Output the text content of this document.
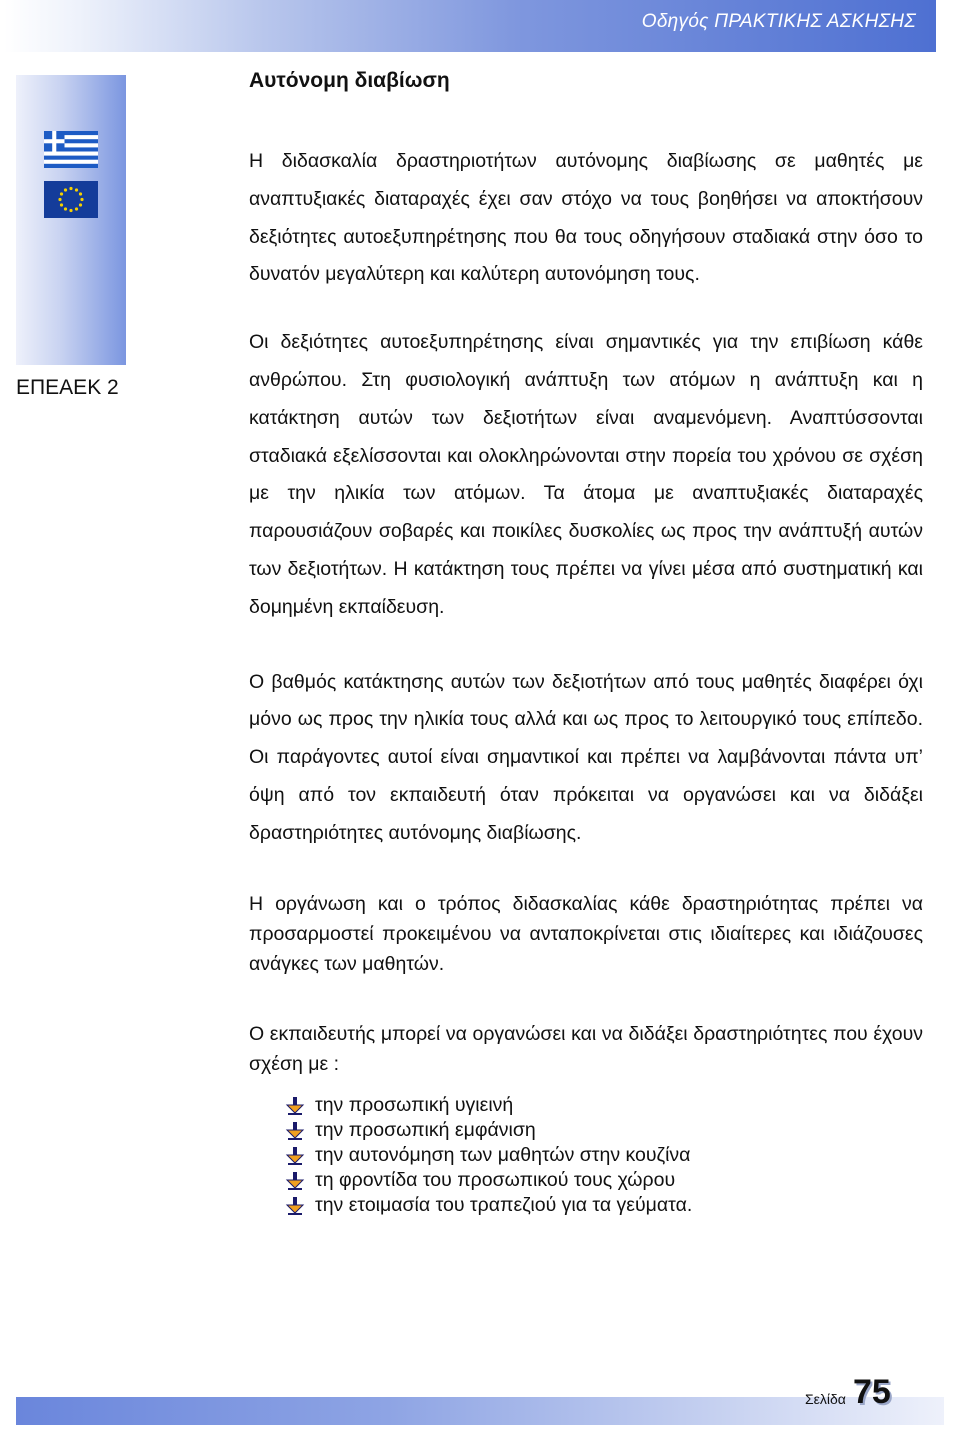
Οδηγός ΠΡΑΚΤΙΚΗΣ ΑΣΚΗΣΗΣ
ΕΠΕΑΕΚ 2
Αυτόνομη διαβίωση

Η διδασκαλία δραστηριοτήτων αυτόνομης διαβίωσης σε μαθητές με αναπτυξιακές διαταραχές έχει σαν στόχο να τους βοηθήσει να αποκτήσουν δεξιότητες αυτοεξυπηρέτησης που θα τους οδηγήσουν σταδιακά στην όσο το δυνατόν μεγαλύτερη και καλύτερη αυτονόμηση τους.

Οι δεξιότητες αυτοεξυπηρέτησης είναι σημαντικές για την επιβίωση κάθε ανθρώπου. Στη φυσιολογική ανάπτυξη των ατόμων η ανάπτυξη και η κατάκτηση αυτών των δεξιοτήτων είναι αναμενόμενη. Αναπτύσσονται σταδιακά εξελίσσονται και ολοκληρώνονται στην πορεία του χρόνου σε σχέση με την ηλικία των ατόμων. Τα άτομα με αναπτυξιακές διαταραχές παρουσιάζουν σοβαρές και ποικίλες δυσκολίες ως προς την ανάπτυξή αυτών των δεξιοτήτων. Η κατάκτηση τους πρέπει να γίνει μέσα από συστηματική και δομημένη εκπαίδευση.

Ο βαθμός κατάκτησης αυτών των δεξιοτήτων από τους μαθητές διαφέρει όχι μόνο ως προς την ηλικία τους αλλά και ως προς το λειτουργικό τους επίπεδο. Οι παράγοντες αυτοί είναι σημαντικοί και πρέπει να λαμβάνονται πάντα υπ’ όψη από τον εκπαιδευτή όταν πρόκειται να οργανώσει και να διδάξει δραστηριότητες αυτόνομης διαβίωσης.

Η οργάνωση και ο τρόπος διδασκαλίας κάθε δραστηριότητας πρέπει να προσαρμοστεί προκειμένου να ανταποκρίνεται στις ιδιαίτερες και ιδιάζουσες ανάγκες των μαθητών.

Ο εκπαιδευτής μπορεί να οργανώσει και να διδάξει δραστηριότητες που έχουν σχέση με :

την προσωπική υγιεινή
την προσωπική εμφάνιση
την αυτονόμηση των μαθητών στην κουζίνα
τη φροντίδα του προσωπικού τους χώρου
την ετοιμασία του τραπεζιού για τα γεύματα.
Σελίδα 75
